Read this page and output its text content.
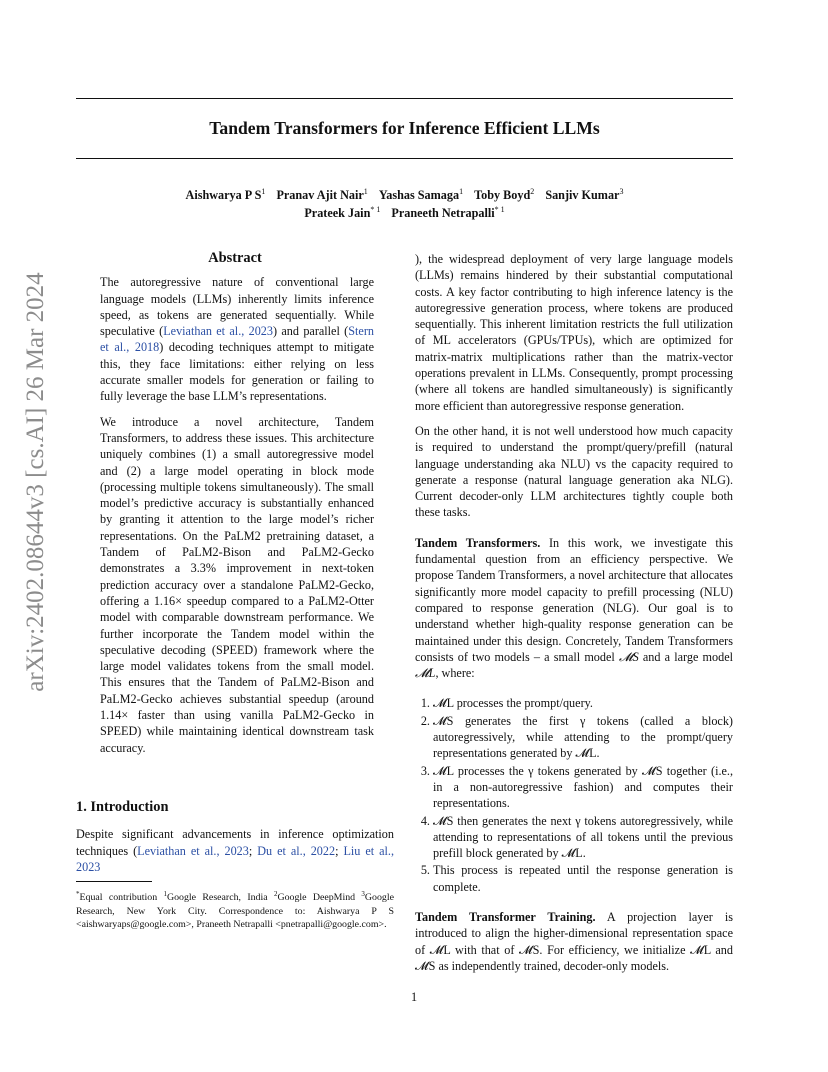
arXiv:2402.08644v3 [cs.AI] 26 Mar 2024
Tandem Transformers for Inference Efficient LLMs
Aishwarya P $S^1$ Pranav Ajit Nair$^1$ Yashas Samaga$^1$ Toby Boyd$^2$ Sanjiv Kumar$^3$
Prateek Jain$^{* 1}$ Praneeth Netrapalli$^{* 1}$
Abstract

The autoregressive nature of conventional large language models (LLMs) inherently limits inference speed, as tokens are generated sequentially. While speculative (Leviathan et al., 2023) and parallel (Stern et al., 2018) decoding techniques attempt to mitigate this, they face limitations: either relying on less accurate smaller models for generation or failing to fully leverage the base LLM’s representations.

We introduce a novel architecture, Tandem Transformers, to address these issues. This architecture uniquely combines (1) a small autoregressive model and (2) a large model operating in block mode (processing multiple tokens simultaneously). The small model’s predictive accuracy is substantially enhanced by granting it attention to the large model’s richer representations. On the PaLM2 pretraining dataset, a Tandem of PaLM2-Bison and PaLM2-Gecko demonstrates a 3.3% improvement in next-token prediction accuracy over a standalone PaLM2-Gecko, offering a 1.16× speedup compared to a PaLM2-Otter model with comparable downstream performance. We further incorporate the Tandem model within the speculative decoding (SPEED) framework where the large model validates tokens from the small model. This ensures that the Tandem of PaLM2-Bison and PaLM2-Gecko achieves substantial speedup (around 1.14× faster than using vanilla PaLM2-Gecko in SPEED) while maintaining identical downstream task accuracy.

1. Introduction

Despite significant advancements in inference optimization techniques (Leviathan et al., 2023; Du et al., 2022; Liu et al., 2023

), the widespread deployment of very large language models (LLMs) remains hindered by their substantial computational costs. A key factor contributing to high inference latency is the autoregressive generation process, where tokens are produced sequentially. This inherent limitation restricts the full utilization of ML accelerators (GPUs/TPUs), which are optimized for matrix-matrix multiplications rather than the matrix-vector operations prevalent in LLMs. Consequently, prompt processing (where all tokens are handled simultaneously) is significantly more efficient than autoregressive response generation.

On the other hand, it is not well understood how much capacity is required to understand the prompt/query/prefill (natural language understanding aka NLU) vs the capacity required to generate a response (natural language generation aka NLG). Current decoder-only LLM architectures tightly couple both these tasks.

Tandem Transformers. In this work, we investigate this fundamental question from an efficiency perspective. We propose Tandem Transformers, a novel architecture that allocates significantly more model capacity to prefill processing (NLU) compared to response generation (NLG). Our goal is to understand whether high-quality response generation can be maintained under this design. Concretely, Tandem Transformers consists of two models – a small model 𝓜S and a large model 𝓜L, where:

1. 𝓜L processes the prompt/query.
2. 𝓜S generates the first γ tokens (called a block) autoregressively, while attending to the prompt/query representations generated by 𝓜L.
3. 𝓜L processes the γ tokens generated by 𝓜S together (i.e., in a non-autoregressive fashion) and computes their representations.
4. 𝓜S then generates the next γ tokens autoregressively, while attending to representations of all tokens until the previous prefill block generated by 𝓜L.
5. This process is repeated until the response generation is complete.

Tandem Transformer Training. A projection layer is introduced to align the higher-dimensional representation space of 𝓜L with that of 𝓜S. For efficiency, we initialize 𝓜L and 𝓜S as independently trained, decoder-only models.

*Equal contribution $^1$Google Research, India $^2$Google DeepMind $^3$Google Research, New York City. Correspondence to: Aishwarya P S <aishwaryaps@google.com>, Praneeth Netrapalli <pnetrapalli@google.com>.
1
